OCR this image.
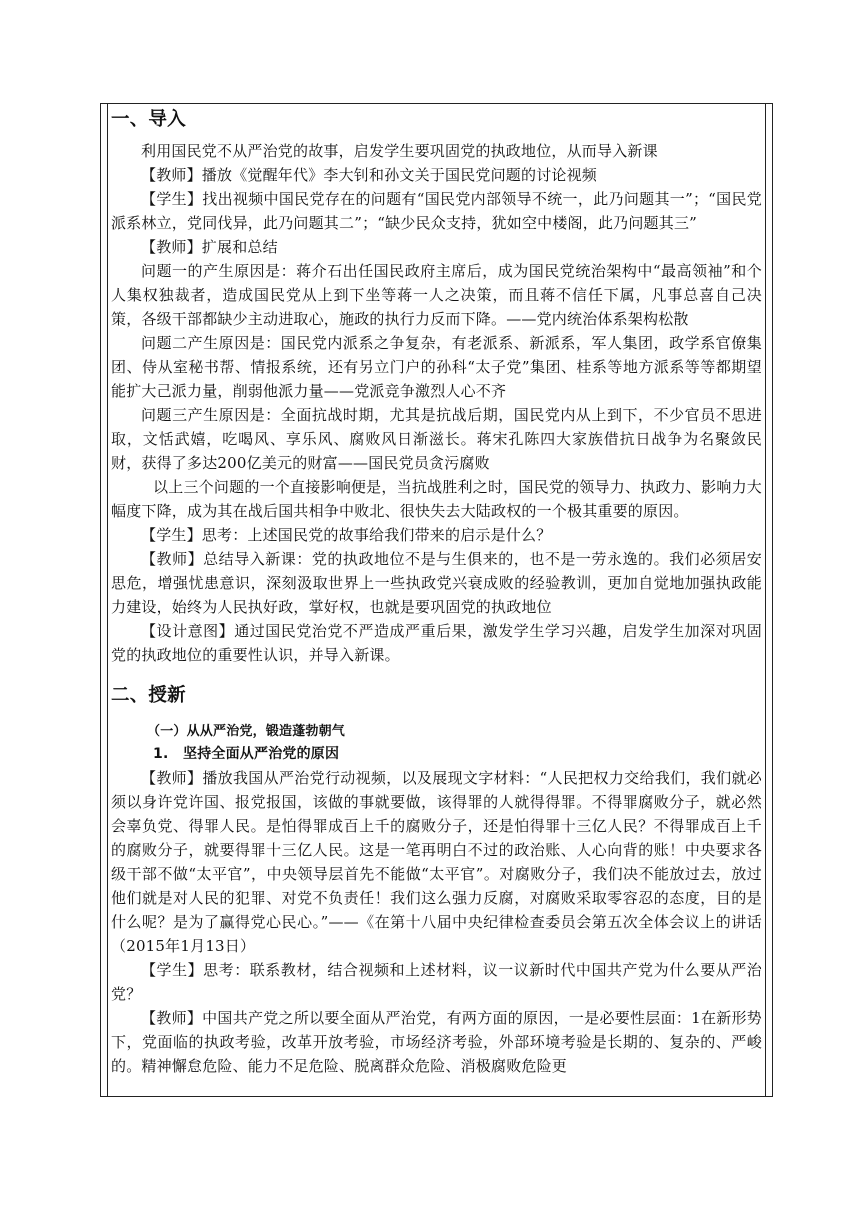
一、导入
利用国民党不从严治党的故事，启发学生要巩固党的执政地位，从而导入新课
【教师】播放《觉醒年代》李大钊和孙文关于国民党问题的讨论视频
【学生】找出视频中国民党存在的问题有“国民党内部领导不统一，此乃问题其一”；“国民党派系林立，党同伐异，此乃问题其二”；“缺少民众支持，犹如空中楼阁，此乃问题其三”
【教师】扩展和总结
问题一的产生原因是：蒋介石出任国民政府主席后，成为国民党统治架构中“最高领袖”和个人集权独裁者，造成国民党从上到下坐等蒋一人之决策，而且蒋不信任下属，凡事总喜自己决策，各级干部都缺少主动进取心，施政的执行力反而下降。——党内统治体系架构松散
问题二产生原因是：国民党内派系之争复杂，有老派系、新派系，军人集团，政学系官僚集团、侍从室秘书帮、情报系统，还有另立门户的孙科“太子党”集团、桂系等地方派系等等都期望能扩大己派力量，削弱他派力量——党派竞争激烈人心不齐
问题三产生原因是：全面抗战时期，尤其是抗战后期，国民党内从上到下，不少官员不思进取，文恬武嬉，吃喝风、享乐风、腐败风日渐滋长。蒋宋孔陈四大家族借抗日战争为名聚敛民财，获得了多达200亿美元的财富——国民党员贪污腐败
以上三个问题的一个直接影响便是，当抗战胜利之时，国民党的领导力、执政力、影响力大幅度下降，成为其在战后国共相争中败北、很快失去大陆政权的一个极其重要的原因。
【学生】思考：上述国民党的故事给我们带来的启示是什么？
【教师】总结导入新课：党的执政地位不是与生俱来的，也不是一劳永逸的。我们必须居安思危，增强忧患意识，深刻汲取世界上一些执政党兴衰成败的经验教训，更加自觉地加强执政能力建设，始终为人民执好政，掌好权，也就是要巩固党的执政地位
【设计意图】通过国民党治党不严造成严重后果，激发学生学习兴趣，启发学生加深对巩固党的执政地位的重要性认识，并导入新课。
二、授新
（一）从从严治党，锻造蓬勃朝气
1. 坚持全面从严治党的原因
【教师】播放我国从严治党行动视频，以及展现文字材料：“人民把权力交给我们，我们就必须以身许党许国、报党报国，该做的事就要做，该得罪的人就得得罪。不得罪腐败分子，就必然会辜负党、得罪人民。是怕得罪成百上千的腐败分子，还是怕得罪十三亿人民？不得罪成百上千的腐败分子，就要得罪十三亿人民。这是一笔再明白不过的政治账、人心向背的账！中央要求各级干部不做“太平官”，中央领导层首先不能做“太平官”。对腐败分子，我们决不能放过去，放过他们就是对人民的犯罪、对党不负责任！我们这么强力反腐，对腐败采取零容忍的态度，目的是什么呢？是为了赢得党心民心。”——《在第十八届中央纪律检查委员会第五次全体会议上的讲话（2015年1月13日）
【学生】思考：联系教材，结合视频和上述材料，议一议新时代中国共产党为什么要从严治党？
【教师】中国共产党之所以要全面从严治党，有两方面的原因，一是必要性层面：1在新形势下，党面临的执政考验，改革开放考验，市场经济考验，外部环境考验是长期的、复杂的、严峻的。精神懈怠危险、能力不足危险、脱离群众危险、消极腐败危险更
